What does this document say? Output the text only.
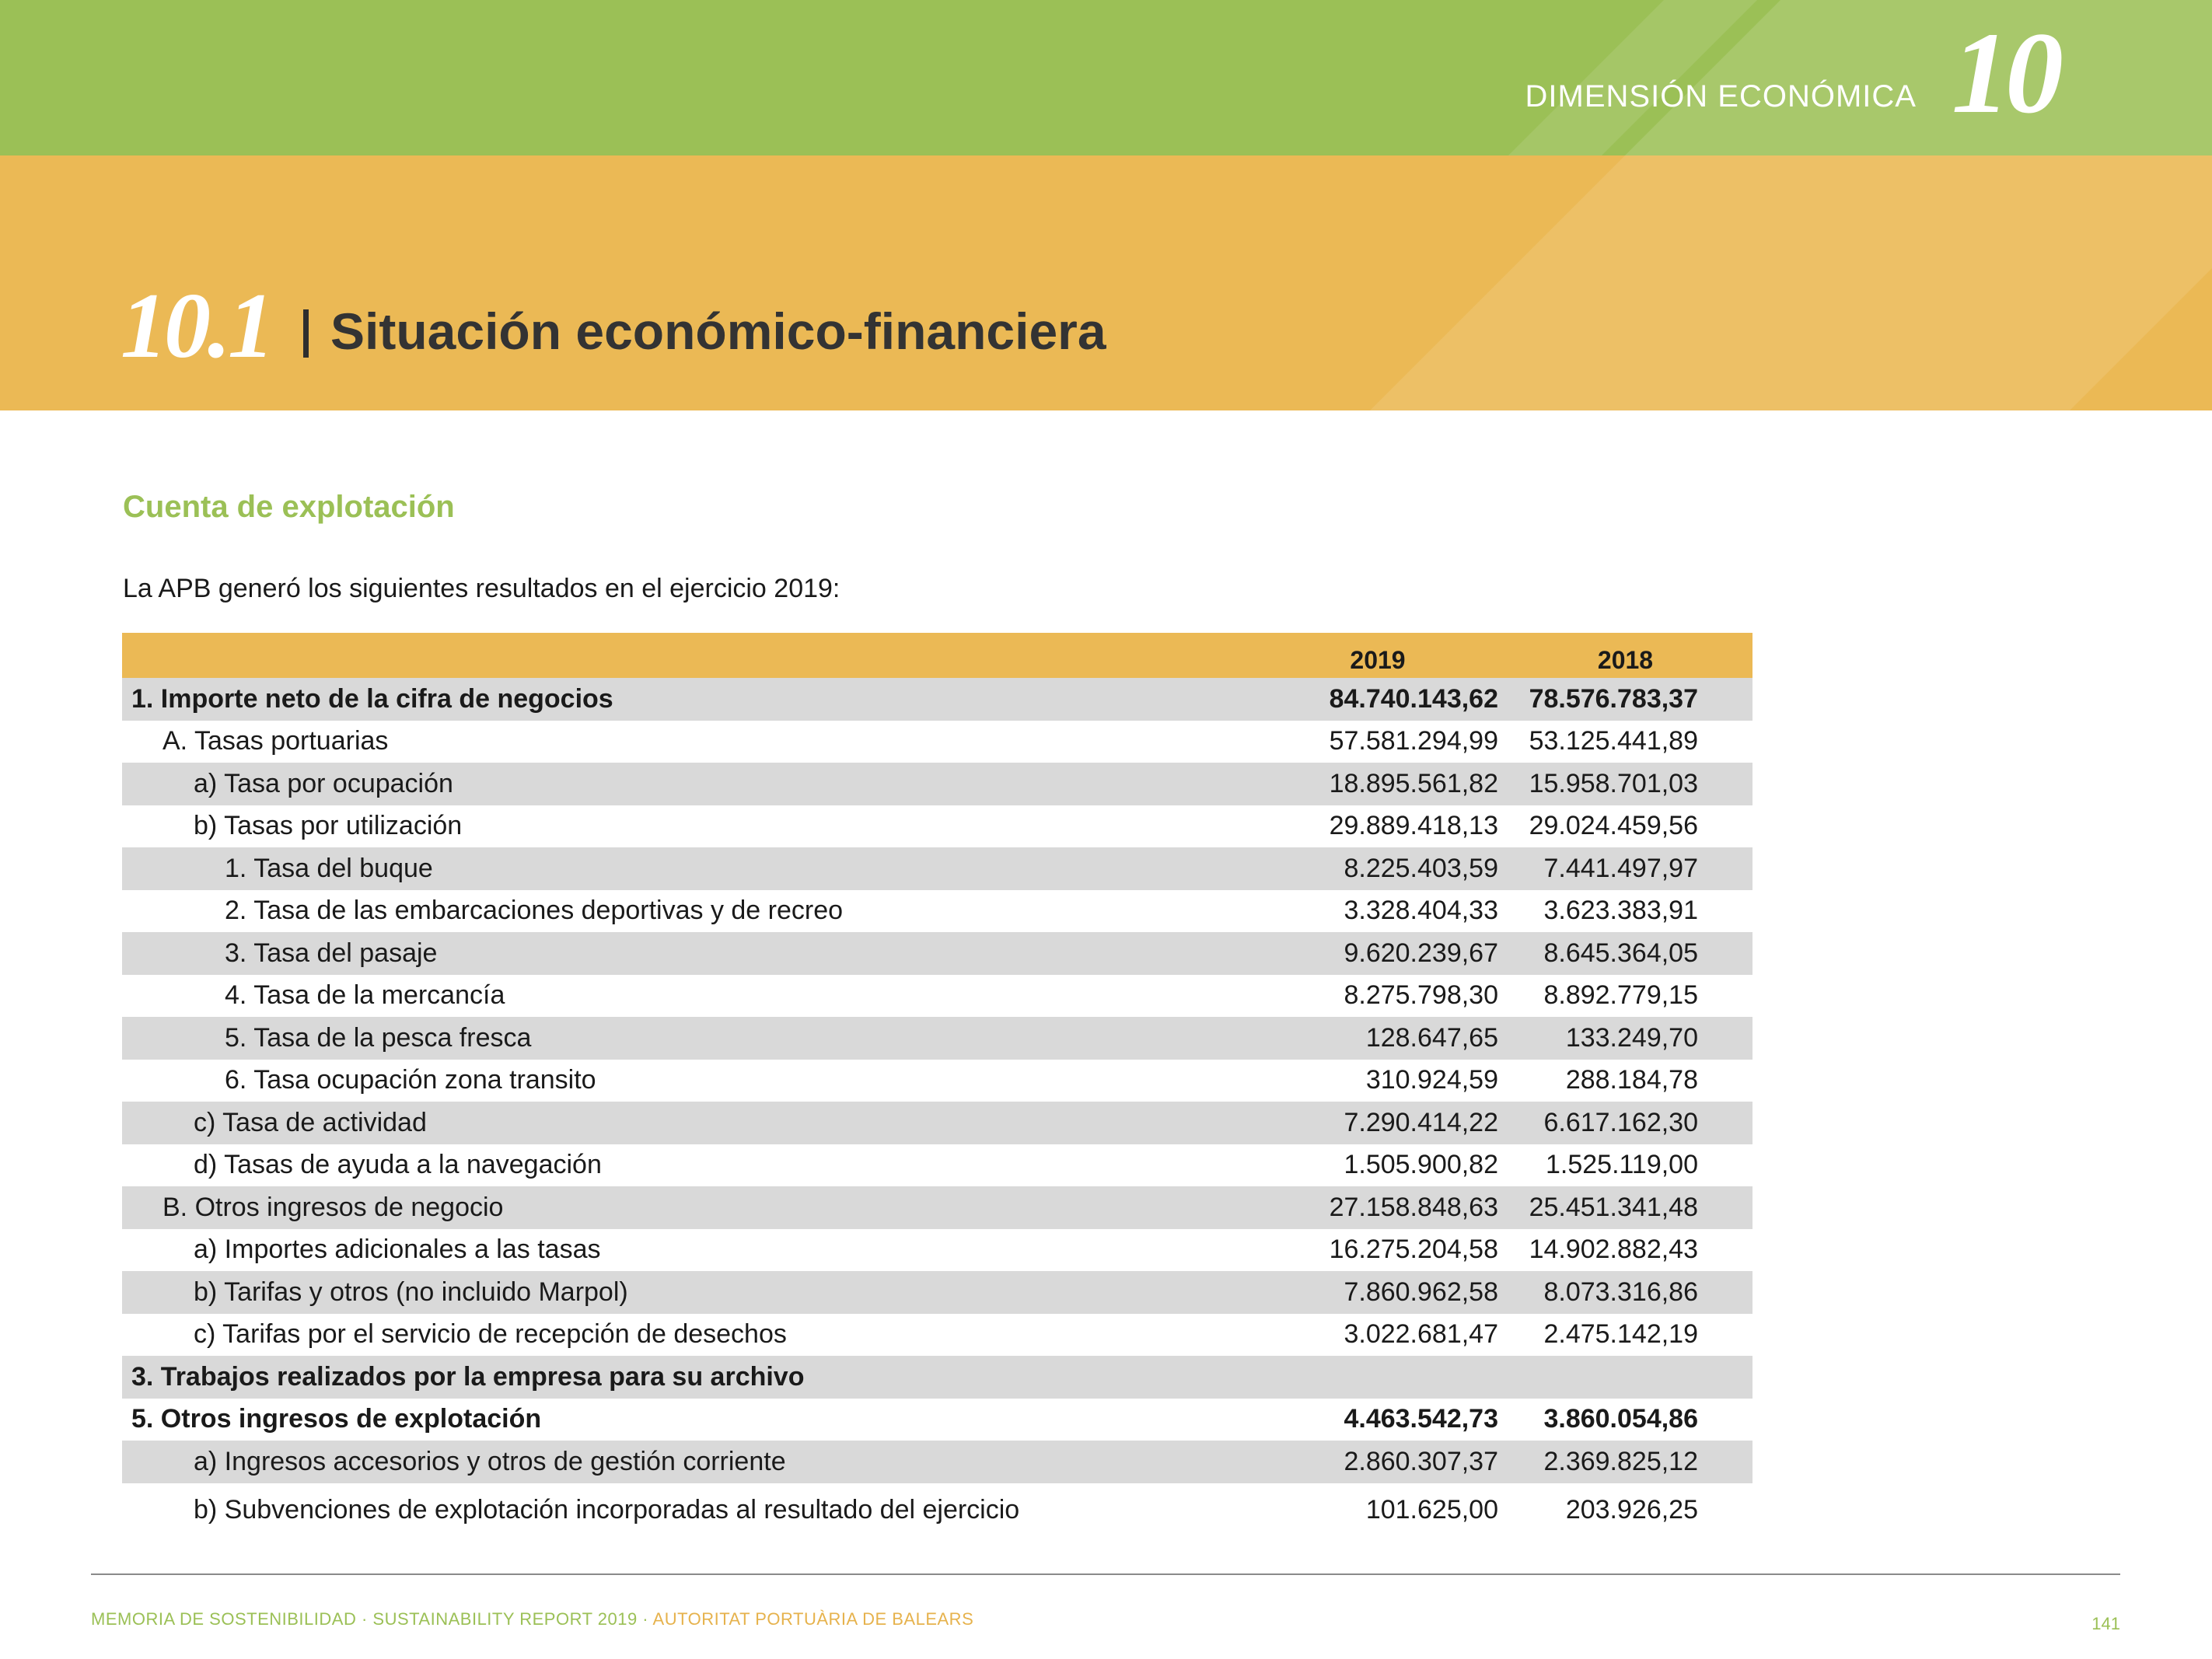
DIMENSIÓN ECONÓMICA 10
10.1 Situación económico-financiera
Cuenta de explotación
La APB generó los siguientes resultados en el ejercicio 2019:
	2019	2018
1. Importe neto de la cifra de negocios	84.740.143,62	78.576.783,37
A. Tasas portuarias	57.581.294,99	53.125.441,89
a) Tasa por ocupación	18.895.561,82	15.958.701,03
b) Tasas por utilización	29.889.418,13	29.024.459,56
1. Tasa del buque	8.225.403,59	7.441.497,97
2. Tasa de las embarcaciones deportivas y de recreo	3.328.404,33	3.623.383,91
3. Tasa del pasaje	9.620.239,67	8.645.364,05
4. Tasa de la mercancía	8.275.798,30	8.892.779,15
5. Tasa de la pesca fresca	128.647,65	133.249,70
6. Tasa ocupación zona transito	310.924,59	288.184,78
c) Tasa de actividad	7.290.414,22	6.617.162,30
d) Tasas de ayuda a la navegación	1.505.900,82	1.525.119,00
B. Otros ingresos de negocio	27.158.848,63	25.451.341,48
a) Importes adicionales a las tasas	16.275.204,58	14.902.882,43
b) Tarifas y otros (no incluido Marpol)	7.860.962,58	8.073.316,86
c) Tarifas por el servicio de recepción de desechos	3.022.681,47	2.475.142,19
3. Trabajos realizados por la empresa para su archivo		
5. Otros ingresos de explotación	4.463.542,73	3.860.054,86
a) Ingresos accesorios y otros de gestión corriente	2.860.307,37	2.369.825,12
b) Subvenciones de explotación incorporadas al resultado del ejercicio	101.625,00	203.926,25
MEMORIA DE SOSTENIBILIDAD · SUSTAINABILITY REPORT 2019 · AUTORITAT PORTUÀRIA DE BALEARS	141
